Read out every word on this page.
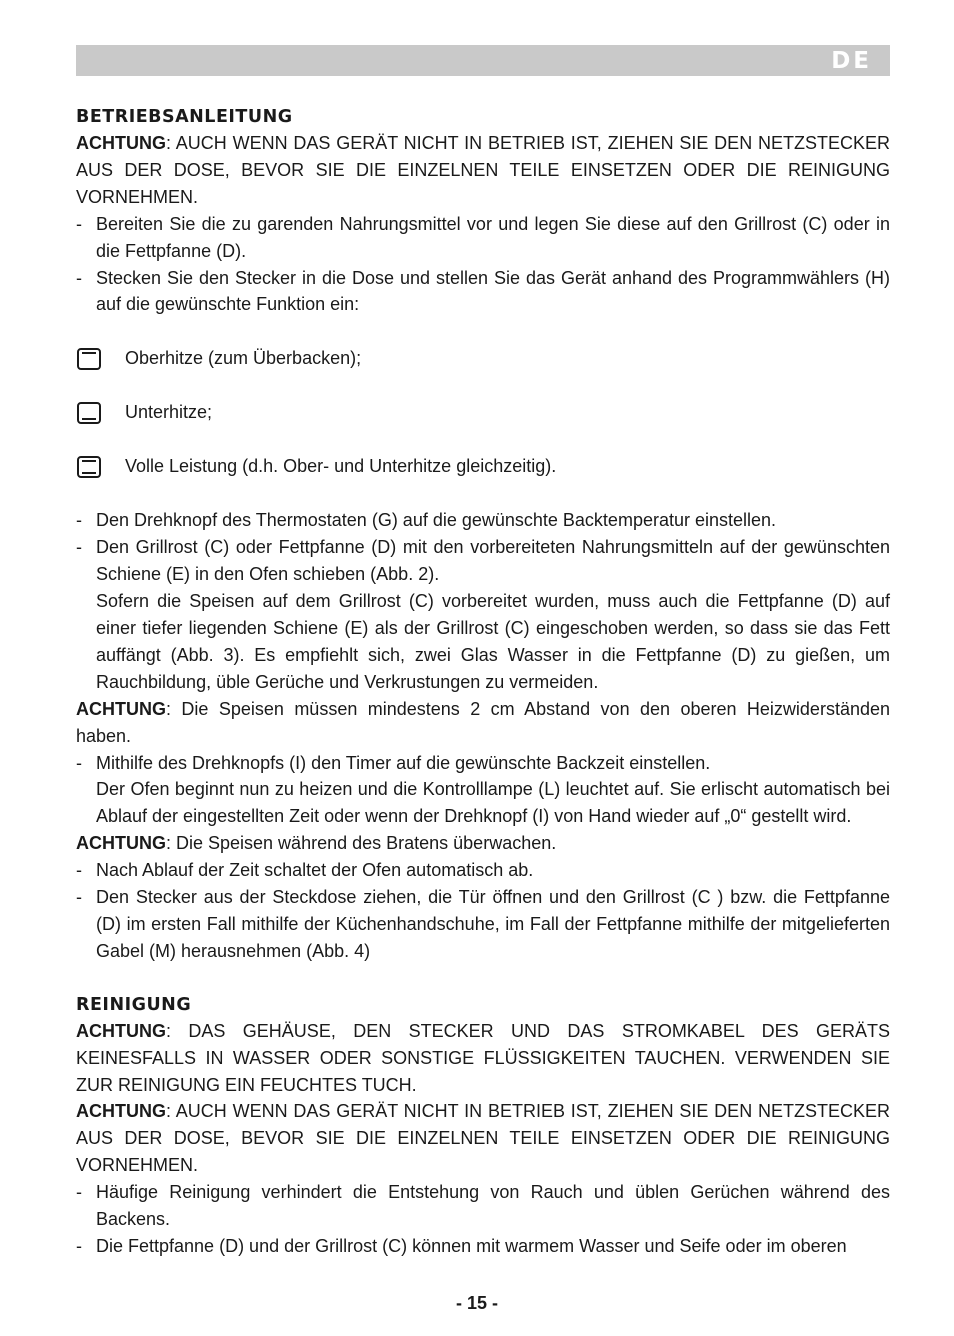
DE
BETRIEBSANLEITUNG

ACHTUNG: AUCH WENN DAS GERÄT NICHT IN BETRIEB IST, ZIEHEN SIE DEN NETZSTECKER AUS DER DOSE, BEVOR SIE DIE EINZELNEN TEILE EINSETZEN ODER DIE REINIGUNG VORNEHMEN.

- Bereiten Sie die zu garenden Nahrungsmittel vor und legen Sie diese auf den Grillrost (C) oder in die Fettpfanne (D).
- Stecken Sie den Stecker in die Dose und stellen Sie das Gerät anhand des Programmwählers (H) auf die gewünschte Funktion ein:
Oberhitze (zum Überbacken);
Unterhitze;
Volle Leistung (d.h. Ober- und Unterhitze gleichzeitig).
- Den Drehknopf des Thermostaten (G) auf die gewünschte Backtemperatur einstellen.
- Den Grillrost (C) oder Fettpfanne (D) mit den vorbereiteten Nahrungsmitteln auf der gewünschten Schiene (E) in den Ofen schieben (Abb. 2).

Sofern die Speisen auf dem Grillrost (C) vorbereitet wurden, muss auch die Fettpfanne (D) auf einer tiefer liegenden Schiene (E) als der Grillrost (C) eingeschoben werden, so dass sie das Fett auffängt (Abb. 3). Es empfiehlt sich, zwei Glas Wasser in die Fettpfanne (D) zu gießen, um Rauchbildung, üble Gerüche und Verkrustungen zu vermeiden.

ACHTUNG: Die Speisen müssen mindestens 2 cm Abstand von den oberen Heizwiderständen haben.

- Mithilfe des Drehknopfs (I) den Timer auf die gewünschte Backzeit einstellen.

Der Ofen beginnt nun zu heizen und die Kontrolllampe (L) leuchtet auf. Sie erlischt automatisch bei Ablauf der eingestellten Zeit oder wenn der Drehknopf (I) von Hand wieder auf „0“ gestellt wird.

ACHTUNG: Die Speisen während des Bratens überwachen.

- Nach Ablauf der Zeit schaltet der Ofen automatisch ab.
- Den Stecker aus der Steckdose ziehen, die Tür öffnen und den Grillrost (C ) bzw. die Fettpfanne (D) im ersten Fall mithilfe der Küchenhandschuhe, im Fall der Fettpfanne mithilfe der mitgelieferten Gabel (M) herausnehmen (Abb. 4)
REINIGUNG

ACHTUNG: DAS GEHÄUSE, DEN STECKER UND DAS STROMKABEL DES GERÄTS KEINESFALLS IN WASSER ODER SONSTIGE FLÜSSIGKEITEN TAUCHEN. VERWENDEN SIE ZUR REINIGUNG EIN FEUCHTES TUCH.

ACHTUNG: AUCH WENN DAS GERÄT NICHT IN BETRIEB IST, ZIEHEN SIE DEN NETZSTECKER AUS DER DOSE, BEVOR SIE DIE EINZELNEN TEILE EINSETZEN ODER DIE REINIGUNG VORNEHMEN.

- Häufige Reinigung verhindert die Entstehung von Rauch und üblen Gerüchen während des Backens.
- Die Fettpfanne (D) und der Grillrost (C) können mit warmem Wasser und Seife oder im oberen
- 15 -
